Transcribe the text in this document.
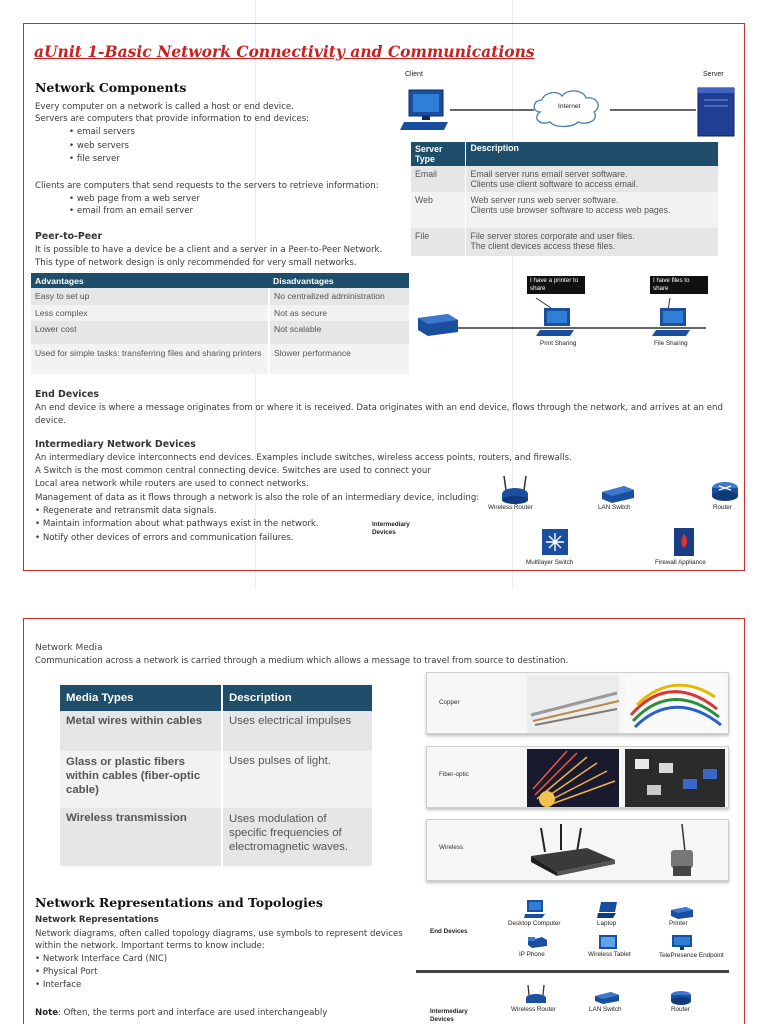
aUnit 1-Basic Network Connectivity and Communications
Network Components
Every computer on a network is called a host or end device.
Servers are computers that provide information to end devices:
• email servers
• web servers
• file server
Clients are computers that send requests to the servers to retrieve information:
• web page from a web server
• email from an email server
Peer-to-Peer
It is possible to have a device be a client and a server in a Peer-to-Peer Network.
This type of network design is only recommended for very small networks.
Advantages	Disadvantages
Easy to set up	No centralized administration
Less complex	Not as secure
Lower cost	Not scalable
Used for simple tasks: transferring files and sharing printers	Slower performance
End Devices
An end device is where a message originates from or where it is received. Data originates with an end device, flows through the network, and arrives at an end
device.
Intermediary Network Devices
An intermediary device interconnects end devices. Examples include switches, wireless access points, routers, and firewalls.
A Switch is the most common central connecting device. Switches are used to connect your
Local area network while routers are used to connect networks.
Management of data as it flows through a network is also the role of an intermediary device, including:
• Regenerate and retransmit data signals.
• Maintain information about what pathways exist in the network.
• Notify other devices of errors and communication failures.
Client	Server
Internet
Server Type	Description
Email	Email server runs email server software.
Clients use client software to access email.
Web	Web server runs web server software.
Clients use browser software to access web pages.
File	File server stores corporate and user files.
The client devices access these files.
I have a printer to share
I have files to share
Print Sharing	File Sharing
Intermediary Devices
Wireless Router	LAN Switch	Router
Multilayer Switch	Firewall Appliance
Network Media
Communication across a network is carried through a medium which allows a message to travel from source to destination.
Media Types	Description
Metal wires within cables	Uses electrical impulses
Glass or plastic fibers within cables (fiber-optic cable)	Uses pulses of light.
Wireless transmission	Uses modulation of specific frequencies of electromagnetic waves.
Copper
Fiber-optic
Wireless
Network Representations and Topologies
Network Representations
Network diagrams, often called topology diagrams, use symbols to represent devices
within the network. Important terms to know include:
• Network Interface Card (NIC)
• Physical Port
• Interface
Note: Often, the terms port and interface are used interchangeably
End Devices
Desktop Computer	Laptop	Printer
IP Phone	Wireless Tablet	TelePresence Endpoint
Intermediary Devices
Wireless Router	LAN Switch	Router
